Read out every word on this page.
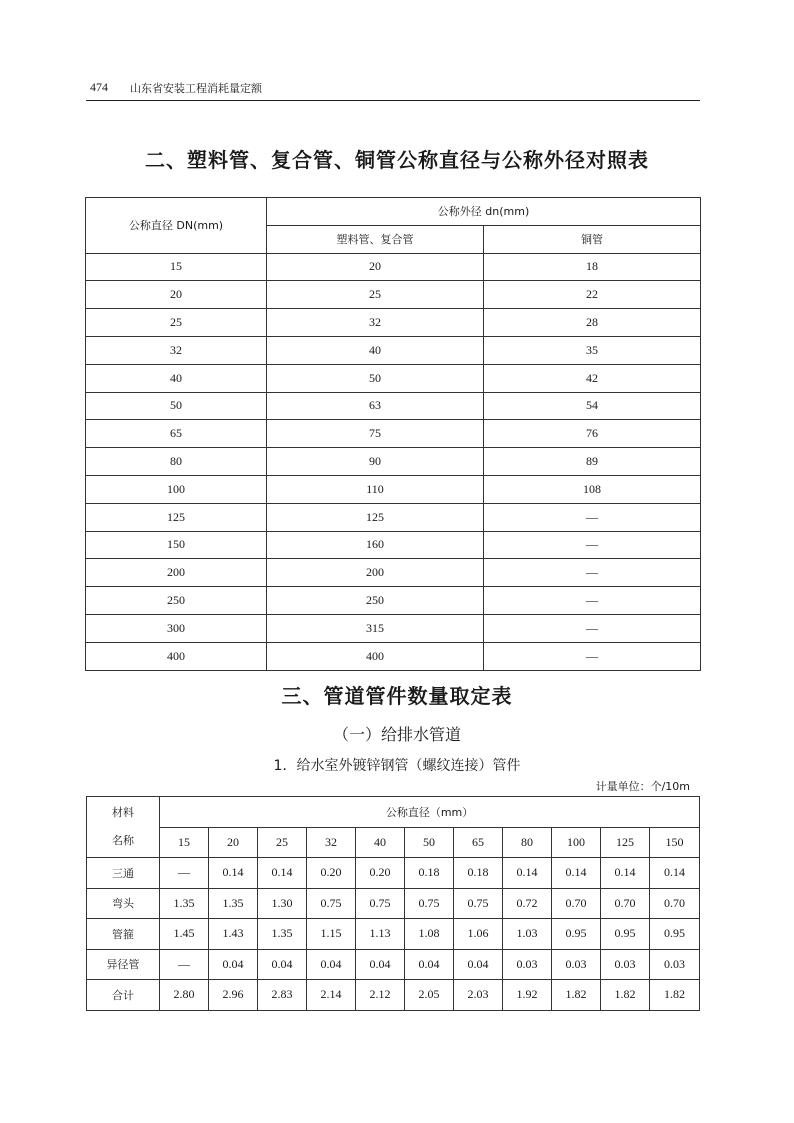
474 山东省安装工程消耗量定额
二、塑料管、复合管、铜管公称直径与公称外径对照表
公称直径 DN(mm)	公称外径 dn(mm)	
	塑料管、复合管	铜管
15	20	18
20	25	22
25	32	28
32	40	35
40	50	42
50	63	54
65	75	76
80	90	89
100	110	108
125	125	—
150	160	—
200	200	—
250	250	—
300	315	—
400	400	—
三、管道管件数量取定表
（一）给排水管道
1．给水室外镀锌钢管（螺纹连接）管件
计量单位：个/10m
材料
名称	公称直径（mm）										
	15	20	25	32	40	50	65	80	100	125	150
三通	—	0.14	0.14	0.20	0.20	0.18	0.18	0.14	0.14	0.14	0.14
弯头	1.35	1.35	1.30	0.75	0.75	0.75	0.75	0.72	0.70	0.70	0.70
管箍	1.45	1.43	1.35	1.15	1.13	1.08	1.06	1.03	0.95	0.95	0.95
异径管	—	0.04	0.04	0.04	0.04	0.04	0.04	0.03	0.03	0.03	0.03
合计	2.80	2.96	2.83	2.14	2.12	2.05	2.03	1.92	1.82	1.82	1.82
